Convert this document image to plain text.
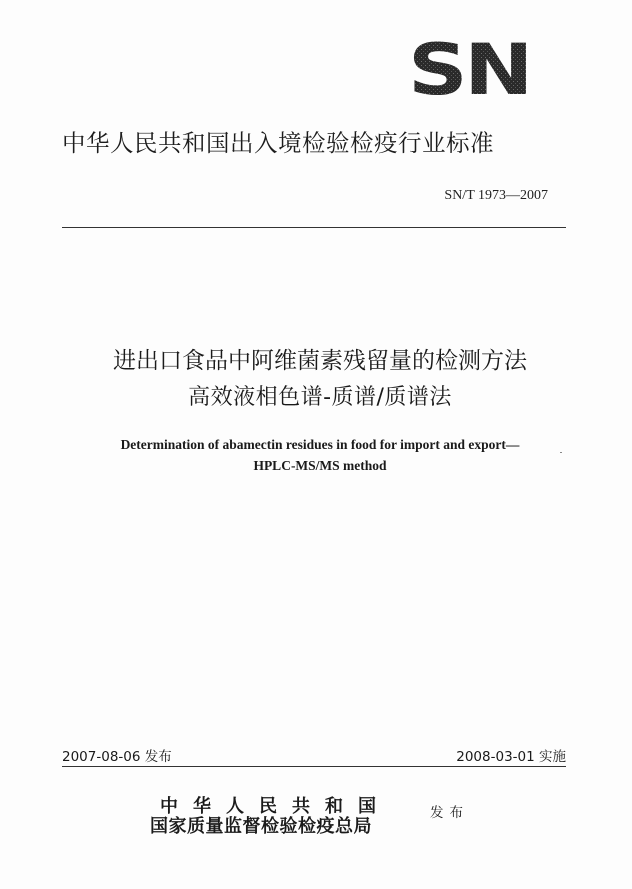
SN
中华人民共和国出入境检验检疫行业标准
SN/T 1973—2007
进出口食品中阿维菌素残留量的检测方法
高效液相色谱-质谱/质谱法
Determination of abamectin residues in food for import and export—
HPLC-MS/MS method
2007-08-06 发布	2008-03-01 实施
中华人民共和国
国家质量监督检验检疫总局
发布
